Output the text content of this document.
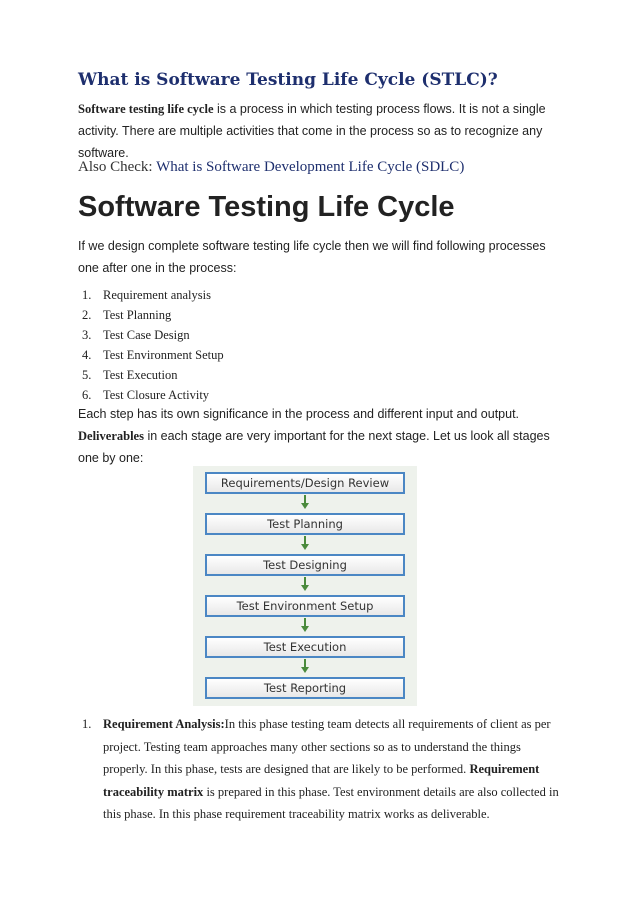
What is Software Testing Life Cycle (STLC)?
Software testing life cycle is a process in which testing process flows. It is not a single activity. There are multiple activities that come in the process so as to recognize any software.
Also Check: What is Software Development Life Cycle (SDLC)
Software Testing Life Cycle
If we design complete software testing life cycle then we will find following processes one after one in the process:
1. Requirement analysis
2. Test Planning
3. Test Case Design
4. Test Environment Setup
5. Test Execution
6. Test Closure Activity
Each step has its own significance in the process and different input and output. Deliverables in each stage are very important for the next stage. Let us look all stages one by one:
Requirements/Design Review
Test Planning
Test Designing
Test Environment Setup
Test Execution
Test Reporting
1. Requirement Analysis:In this phase testing team detects all requirements of client as per project. Testing team approaches many other sections so as to understand the things properly. In this phase, tests are designed that are likely to be performed. Requirement traceability matrix is prepared in this phase. Test environment details are also collected in this phase. In this phase requirement traceability matrix works as deliverable.
